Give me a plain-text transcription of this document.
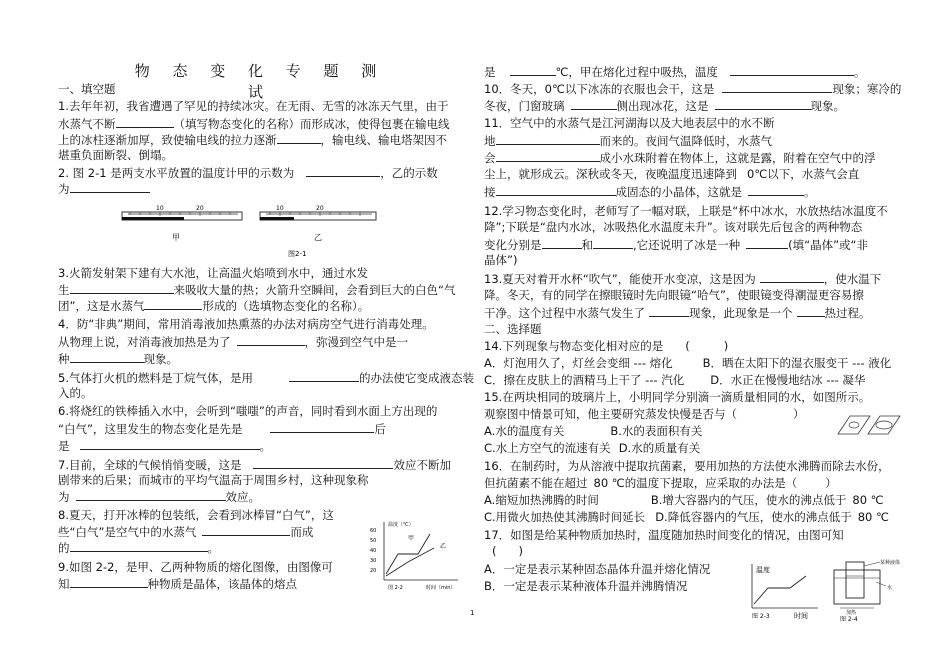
物 态 变 化 专 题 测 试
一、填空题
1.去年年初，我省遭遇了罕见的持续冰灾。在无雨、无雪的冰冻天气里，由于
水蒸气不断	（填写物态变化的名称）而形成冰，使得包裹在输电线
上的冰柱逐渐加厚，致使输电线的拉力逐渐	，输电线、输电塔架因不
堪重负面断裂、倒塌。
2. 图 2-1 是两支水平放置的温度计甲的示数为	，乙的示数
为
10	20
甲
10	20
乙
图2-1
3.火箭发射架下建有大水池，让高温火焰喷到水中，通过水发
生	来吸收大量的热；火箭升空瞬间，会看到巨大的白色“气
团”，这是水蒸气	形成的（选填物态变化的名称）。
4．防“非典”期间，常用消毒液加热熏蒸的办法对病房空气进行消毒处理。
从物理上说，对消毒液加热是为了	，弥漫到空气中是一
种	现象。
5.气体打火机的燃料是丁烷气体，是用	的办法使它变成液态装
入的。
6.将烧红的铁棒插入水中，会听到“嗤嗤”的声音，同时看到水面上方出现的
“白气”，这里发生的物态变化是先是	后
是	。
7.目前，全球的气候悄悄变暖，这是	效应不断加
剧带来的后果；而城市的平均气温高于周围乡村，这种现象称
为	效应。
8.夏天，打开冰棒的包装纸，会看到冰棒冒“白气”，这
些“白气”是空气中的水蒸气	而成
的	。
9.如图 2-2，是甲、乙两种物质的熔化图像，由图像可
知	种物质是晶体，该晶体的熔点
温度（℃）
60
50
40
30
20
甲
乙
图 2-2	时间（min）
是	℃，甲在熔化过程中吸热，温度	。
10．冬天，0℃以下冰冻的衣服也会干，这是	现象；寒冷的
冬夜，门窗玻璃	侧出现冰花，这是	现象。
11．空气中的水蒸气是江河湖海以及大地表层中的水不断
地	而来的。夜间气温降低时，水蒸气
会	成小水珠附着在物体上，这就是露，附着在空气中的浮
尘上，就形成云。深秋或冬天，夜晚温度迅速降到 0℃以下，水蒸气会直
接	成固态的小晶体，这就是	。
12.学习物态变化时，老师写了一幅对联，上联是“杯中冰水，水放热结冰温度不
降”;下联是“盘内水冰，冰吸热化水温度未升”。该对联先后包含的两种物态
变化分别是	和	,它还说明了冰是一种	(填“晶体”或“非
晶体”)
13.夏天对着开水杯“吹气”，能使开水变凉，这是因为	，使水温下
降。冬天，有的同学在擦眼镜时先向眼镜“哈气”，使眼镜变得潮湿更容易擦
干净。这个过程中水蒸气发生了	现象，此现象是一个	热过程。
二、选择题
14.下列现象与物态变化相对应的是 (	)
A．灯泡用久了，灯丝会变细 --- 熔化	B．晒在太阳下的湿衣服变干 --- 液化
C．擦在皮肤上的酒精马上干了 --- 汽化 D．水正在慢慢地结冰 --- 凝华
15.在两块相同的玻璃片上，小明同学分别滴一滴质量相同的水，如图所示。
观察图中情景可知，他主要研究蒸发快慢是否与（	）
A.水的温度有关	B.水的表面积有关
C.水上方空气的流速有关 D.水的质量有关
16．在制药时，为从溶液中提取抗菌素，要用加热的方法使水沸腾而除去水份，
但抗菌素不能在超过 80 ℃的温度下提取，应采取的办法是（ ）
A.缩短加热沸腾的时间	B.增大容器内的气压，使水的沸点低于 80 ℃
C.用微火加热使其沸腾时间延长 D.降低容器内的气压，使水的沸点低于 80 ℃
17．如图是给某种物质加热时，温度随加热时间变化的情况，由图可知
( )
A．一定是表示某种固态晶体升温并熔化情况
B．一定是表示某种液体升温并沸腾情况
温度
图 2-3	时间
某种液体
水
加热
图 2-4
1
